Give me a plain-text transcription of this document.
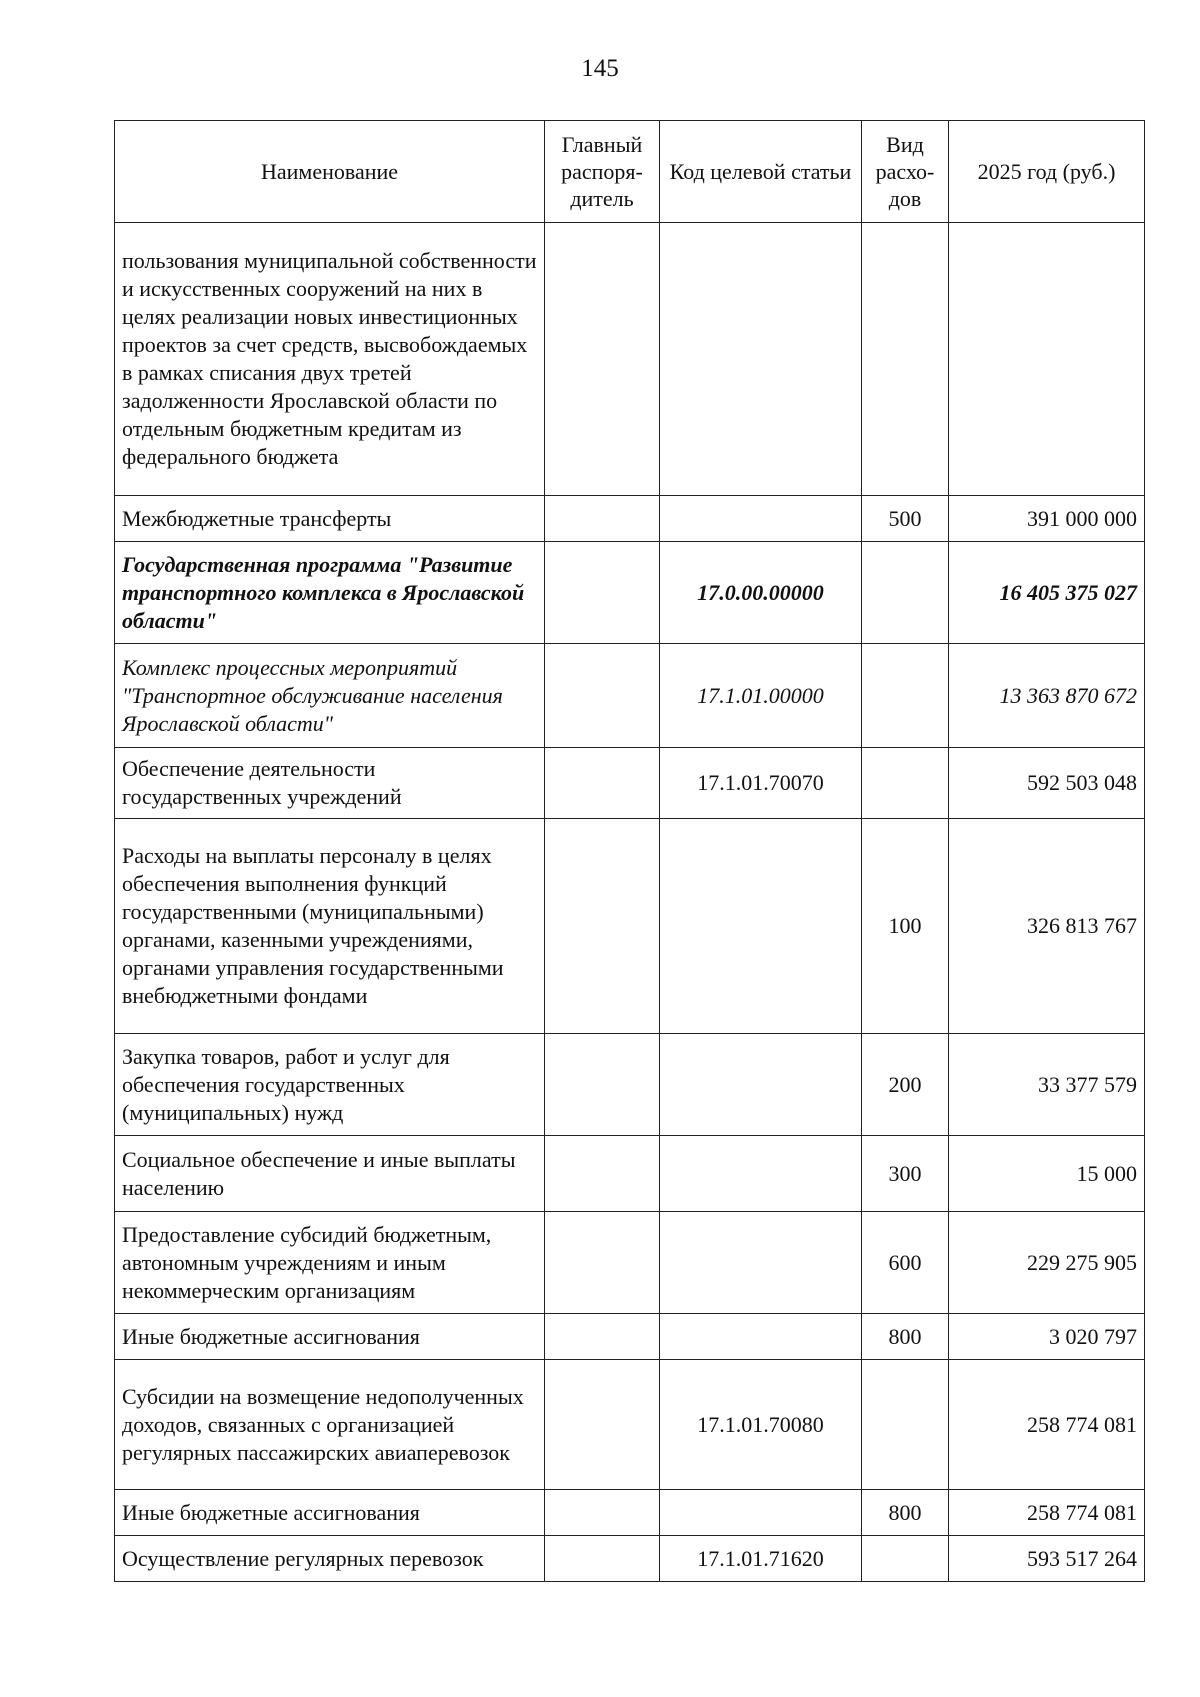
145
Наименование	Главный распоря-дитель	Код целевой статьи	Вид расхо-дов	2025 год (руб.)
пользования муниципальной собственности и искусственных сооружений на них в целях реализации новых инвестиционных проектов за счет средств, высвобождаемых в рамках списания двух третей задолженности Ярославской области по отдельным бюджетным кредитам из федерального бюджета				
Межбюджетные трансферты			500	391 000 000
Государственная программа "Развитие транспортного комплекса в Ярославской области"		17.0.00.00000		16 405 375 027
Комплекс процессных мероприятий "Транспортное обслуживание населения Ярославской области"		17.1.01.00000		13 363 870 672
Обеспечение деятельности государственных учреждений		17.1.01.70070		592 503 048
Расходы на выплаты персоналу в целях обеспечения выполнения функций государственными (муниципальными) органами, казенными учреждениями, органами управления государственными внебюджетными фондами			100	326 813 767
Закупка товаров, работ и услуг для обеспечения государственных (муниципальных) нужд			200	33 377 579
Социальное обеспечение и иные выплаты населению			300	15 000
Предоставление субсидий бюджетным, автономным учреждениям и иным некоммерческим организациям			600	229 275 905
Иные бюджетные ассигнования			800	3 020 797
Субсидии на возмещение недополученных доходов, связанных с организацией регулярных пассажирских авиаперевозок		17.1.01.70080		258 774 081
Иные бюджетные ассигнования			800	258 774 081
Осуществление регулярных перевозок		17.1.01.71620		593 517 264
